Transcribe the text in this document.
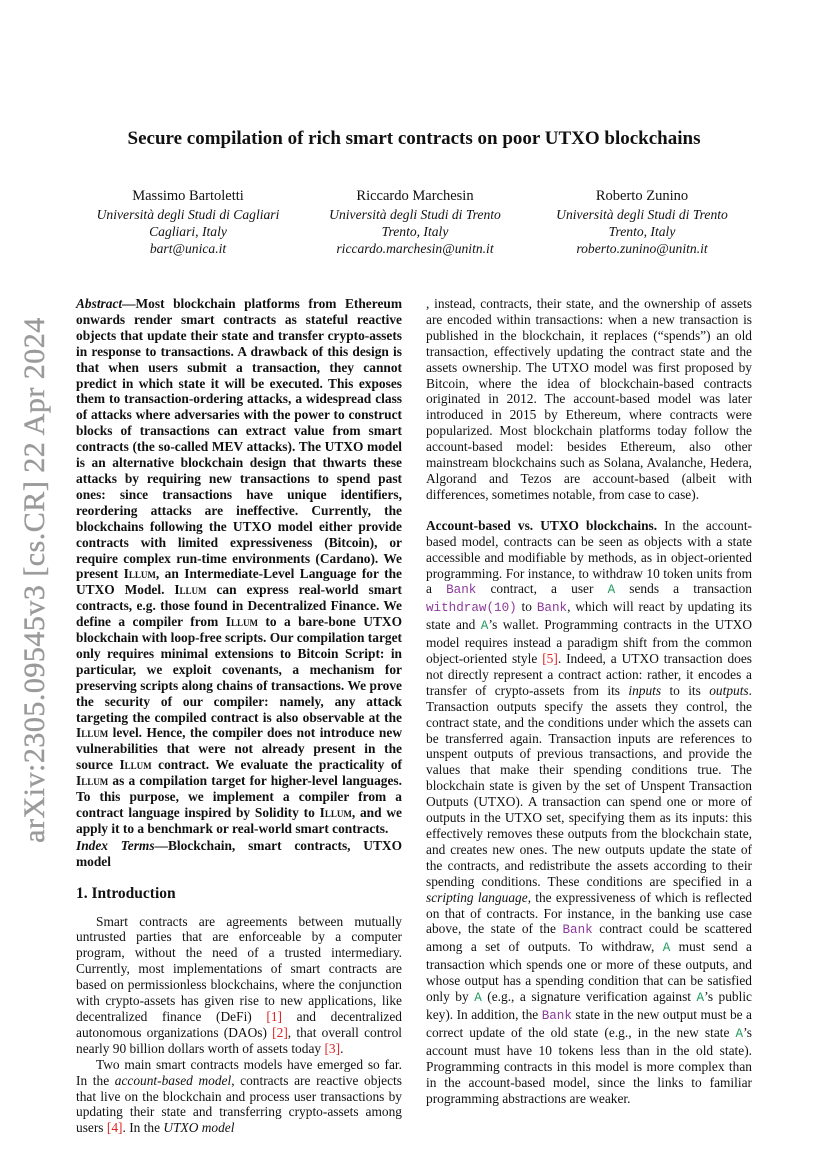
arXiv:2305.09545v3 [cs.CR] 22 Apr 2024
Secure compilation of rich smart contracts on poor UTXO blockchains
Massimo Bartoletti
Università degli Studi di Cagliari
Cagliari, Italy
bart@unica.it
Riccardo Marchesin
Università degli Studi di Trento
Trento, Italy
riccardo.marchesin@unitn.it
Roberto Zunino
Università degli Studi di Trento
Trento, Italy
roberto.zunino@unitn.it

Abstract—Most blockchain platforms from Ethereum onwards render smart contracts as stateful reactive objects that update their state and transfer crypto-assets in response to transactions. A drawback of this design is that when users submit a transaction, they cannot predict in which state it will be executed. This exposes them to transaction-ordering attacks, a widespread class of attacks where adversaries with the power to construct blocks of transactions can extract value from smart contracts (the so-called MEV attacks). The UTXO model is an alternative blockchain design that thwarts these attacks by requiring new transactions to spend past ones: since transactions have unique identifiers, reordering attacks are ineffective. Currently, the blockchains following the UTXO model either provide contracts with limited expressiveness (Bitcoin), or require complex run-time environments (Cardano). We present Illum, an Intermediate-Level Language for the UTXO Model. Illum can express real-world smart contracts, e.g. those found in Decentralized Finance. We define a compiler from Illum to a bare-bone UTXO blockchain with loop-free scripts. Our compilation target only requires minimal extensions to Bitcoin Script: in particular, we exploit covenants, a mechanism for preserving scripts along chains of transactions. We prove the security of our compiler: namely, any attack targeting the compiled contract is also observable at the Illum level. Hence, the compiler does not introduce new vulnerabilities that were not already present in the source Illum contract. We evaluate the practicality of Illum as a compilation target for higher-level languages. To this purpose, we implement a compiler from a contract language inspired by Solidity to Illum, and we apply it to a benchmark or real-world smart contracts.

Index Terms—Blockchain, smart contracts, UTXO model

1. Introduction

Smart contracts are agreements between mutually untrusted parties that are enforceable by a computer program, without the need of a trusted intermediary. Currently, most implementations of smart contracts are based on permissionless blockchains, where the conjunction with crypto-assets has given rise to new applications, like decentralized finance (DeFi) [1] and decentralized autonomous organizations (DAOs) [2], that overall control nearly 90 billion dollars worth of assets today [3].

Two main smart contracts models have emerged so far. In the account-based model, contracts are reactive objects that live on the blockchain and process user transactions by updating their state and transferring crypto-assets among users [4]. In the UTXO model

, instead, contracts, their state, and the ownership of assets are encoded within transactions: when a new transaction is published in the blockchain, it replaces (“spends”) an old transaction, effectively updating the contract state and the assets ownership. The UTXO model was first proposed by Bitcoin, where the idea of blockchain-based contracts originated in 2012. The account-based model was later introduced in 2015 by Ethereum, where contracts were popularized. Most blockchain platforms today follow the account-based model: besides Ethereum, also other mainstream blockchains such as Solana, Avalanche, Hedera, Algorand and Tezos are account-based (albeit with differences, sometimes notable, from case to case).

Account-based vs. UTXO blockchains. In the account-based model, contracts can be seen as objects with a state accessible and modifiable by methods, as in object-oriented programming. For instance, to withdraw 10 token units from a Bank contract, a user A sends a transaction withdraw(10) to Bank, which will react by updating its state and A’s wallet. Programming contracts in the UTXO model requires instead a paradigm shift from the common object-oriented style [5]. Indeed, a UTXO transaction does not directly represent a contract action: rather, it encodes a transfer of crypto-assets from its inputs to its outputs. Transaction outputs specify the assets they control, the contract state, and the conditions under which the assets can be transferred again. Transaction inputs are references to unspent outputs of previous transactions, and provide the values that make their spending conditions true. The blockchain state is given by the set of Unspent Transaction Outputs (UTXO). A transaction can spend one or more of outputs in the UTXO set, specifying them as its inputs: this effectively removes these outputs from the blockchain state, and creates new ones. The new outputs update the state of the contracts, and redistribute the assets according to their spending conditions. These conditions are specified in a scripting language, the expressiveness of which is reflected on that of contracts. For instance, in the banking use case above, the state of the Bank contract could be scattered among a set of outputs. To withdraw, A must send a transaction which spends one or more of these outputs, and whose output has a spending condition that can be satisfied only by A (e.g., a signature verification against A’s public key). In addition, the Bank state in the new output must be a correct update of the old state (e.g., in the new state A’s account must have 10 tokens less than in the old state). Programming contracts in this model is more complex than in the account-based model, since the links to familiar programming abstractions are weaker.
